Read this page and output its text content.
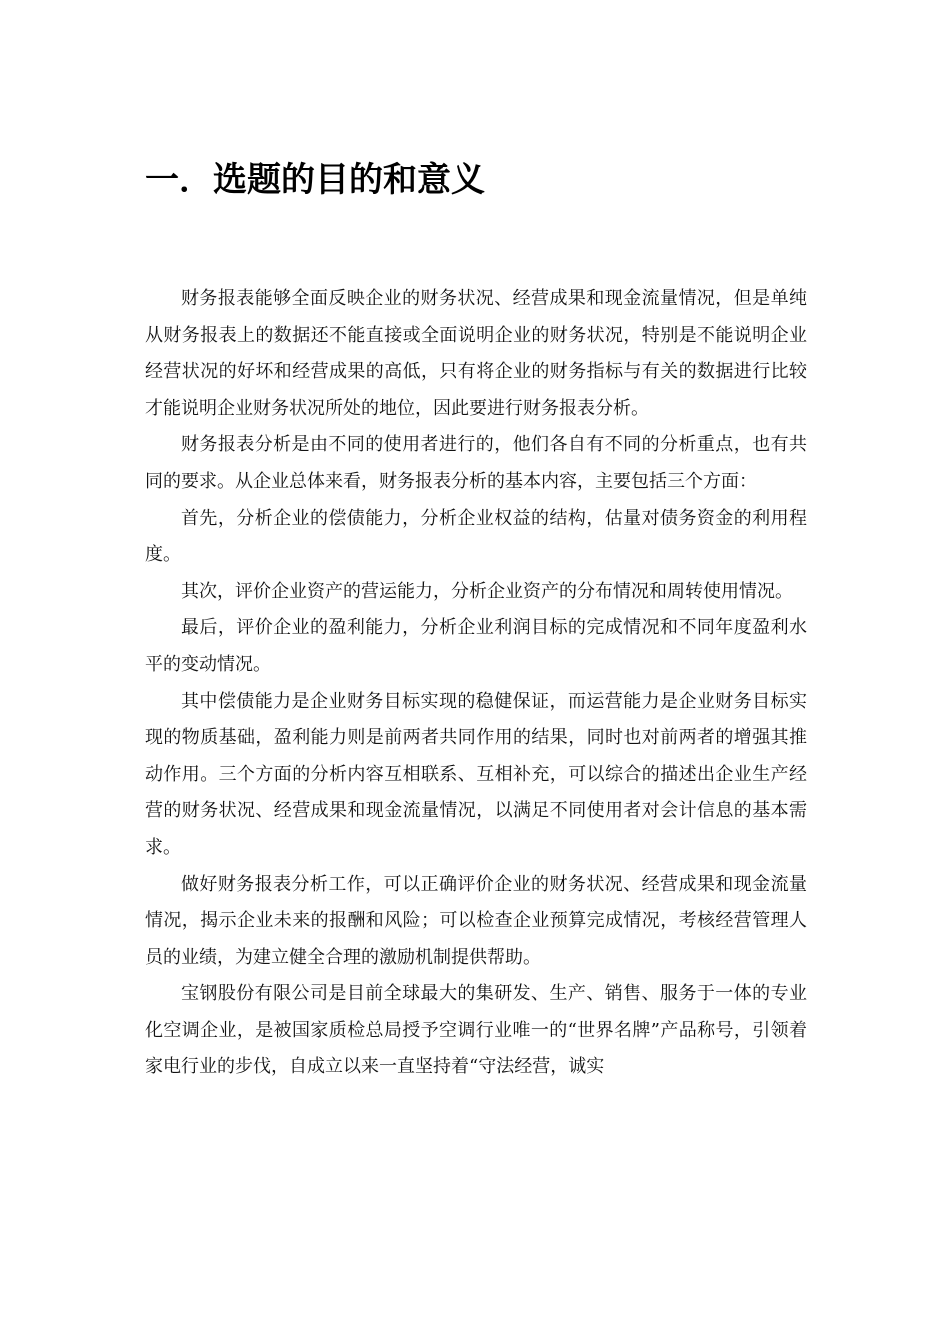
一．选题的目的和意义

财务报表能够全面反映企业的财务状况、经营成果和现金流量情况，但是单纯从财务报表上的数据还不能直接或全面说明企业的财务状况，特别是不能说明企业经营状况的好坏和经营成果的高低，只有将企业的财务指标与有关的数据进行比较才能说明企业财务状况所处的地位，因此要进行财务报表分析。

财务报表分析是由不同的使用者进行的，他们各自有不同的分析重点，也有共同的要求。从企业总体来看，财务报表分析的基本内容，主要包括三个方面：

首先，分析企业的偿债能力，分析企业权益的结构，估量对债务资金的利用程度。

其次，评价企业资产的营运能力，分析企业资产的分布情况和周转使用情况。

最后，评价企业的盈利能力，分析企业利润目标的完成情况和不同年度盈利水平的变动情况。

其中偿债能力是企业财务目标实现的稳健保证，而运营能力是企业财务目标实现的物质基础，盈利能力则是前两者共同作用的结果，同时也对前两者的增强其推动作用。三个方面的分析内容互相联系、互相补充，可以综合的描述出企业生产经营的财务状况、经营成果和现金流量情况，以满足不同使用者对会计信息的基本需求。

做好财务报表分析工作，可以正确评价企业的财务状况、经营成果和现金流量情况，揭示企业未来的报酬和风险；可以检查企业预算完成情况，考核经营管理人员的业绩，为建立健全合理的激励机制提供帮助。

宝钢股份有限公司是目前全球最大的集研发、生产、销售、服务于一体的专业化空调企业，是被国家质检总局授予空调行业唯一的“世界名牌”产品称号，引领着家电行业的步伐，自成立以来一直坚持着“守法经营，诚实
